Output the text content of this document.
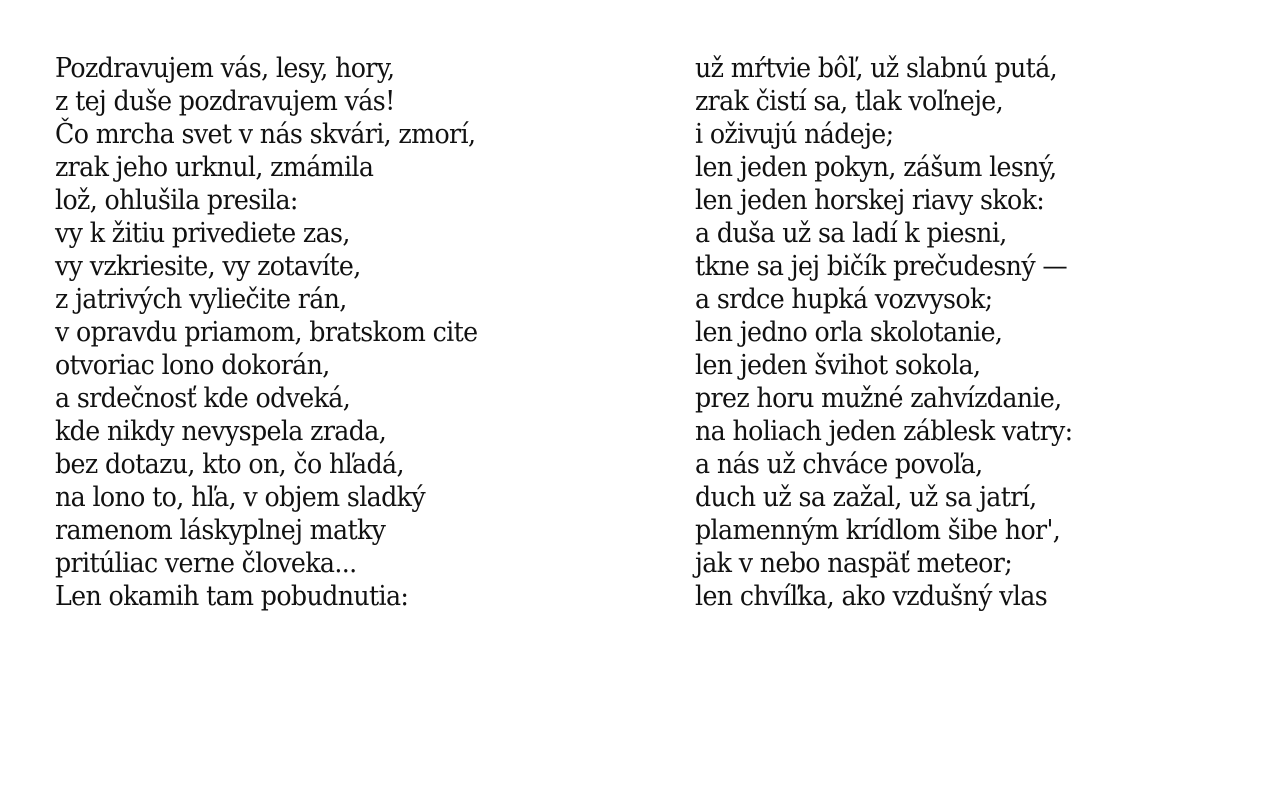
Pozdravujem vás, lesy, hory,
z tej duše pozdravujem vás!
Čo mrcha svet v nás skvári, zmorí,
zrak jeho urknul, zmámila
lož, ohlušila presila:
vy k žitiu privediete zas,
vy vzkriesite, vy zotavíte,
z jatrivých vyliečite rán,
v opravdu priamom, bratskom cite
otvoriac lono dokorán,
a srdečnosť kde odveká,
kde nikdy nevyspela zrada,
bez dotazu, kto on, čo hľadá,
na lono to, hľa, v objem sladký
ramenom láskyplnej matky
pritúliac verne človeka...
Len okamih tam pobudnutia:
už mŕtvie bôľ, už slabnú putá,
zrak čistí sa, tlak voľneje,
i oživujú nádeje;
len jeden pokyn, zášum lesný,
len jeden horskej riavy skok:
a duša už sa ladí k piesni,
tkne sa jej bičík prečudesný —
a srdce hupká vozvysok;
len jedno orla skolotanie,
len jeden švihot sokola,
prez horu mužné zahvízdanie,
na holiach jeden záblesk vatry:
a nás už chváce povoľa,
duch už sa zažal, už sa jatrí,
plamenným krídlom šibe hor',
jak v nebo naspäť meteor;
len chvíľka, ako vzdušný vlas
